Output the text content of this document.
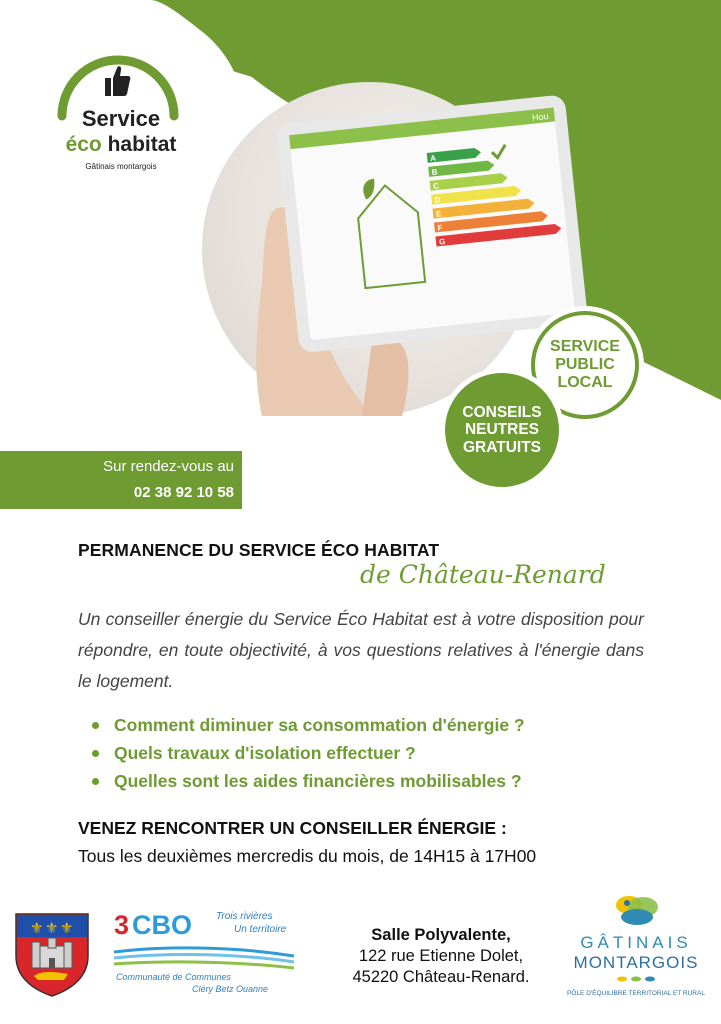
Service
éco habitat
Gâtinais montargois
Hou
A
B
C
D
E
F
G
SERVICE
PUBLIC
LOCAL
CONSEILS
NEUTRES
GRATUITS
Sur rendez-vous au
02 38 92 10 58
PERMANENCE DU SERVICE ÉCO HABITAT
de Château-Renard

Un conseiller énergie du Service Éco Habitat est à votre disposition pour répondre, en toute objectivité, à vos questions relatives à l'énergie dans le logement.

Comment diminuer sa consommation d'énergie ?
Quels travaux d'isolation effectuer ?
Quelles sont les aides financières mobilisables ?
VENEZ RENCONTRER UN CONSEILLER ÉNERGIE :
Tous les deuxièmes mercredis du mois, de 14H15 à 17H00
⚜ ⚜ ⚜ 3 CBO Trois rivières
Un territoire
Communauté de Communes
Cléry Betz Ouanne
Salle Polyvalente,
122 rue Etienne Dolet,
45220 Château-Renard.
GÂTINAIS
MONTARGOIS
PÔLE D'ÉQUILIBRE TERRITORIAL ET RURAL
